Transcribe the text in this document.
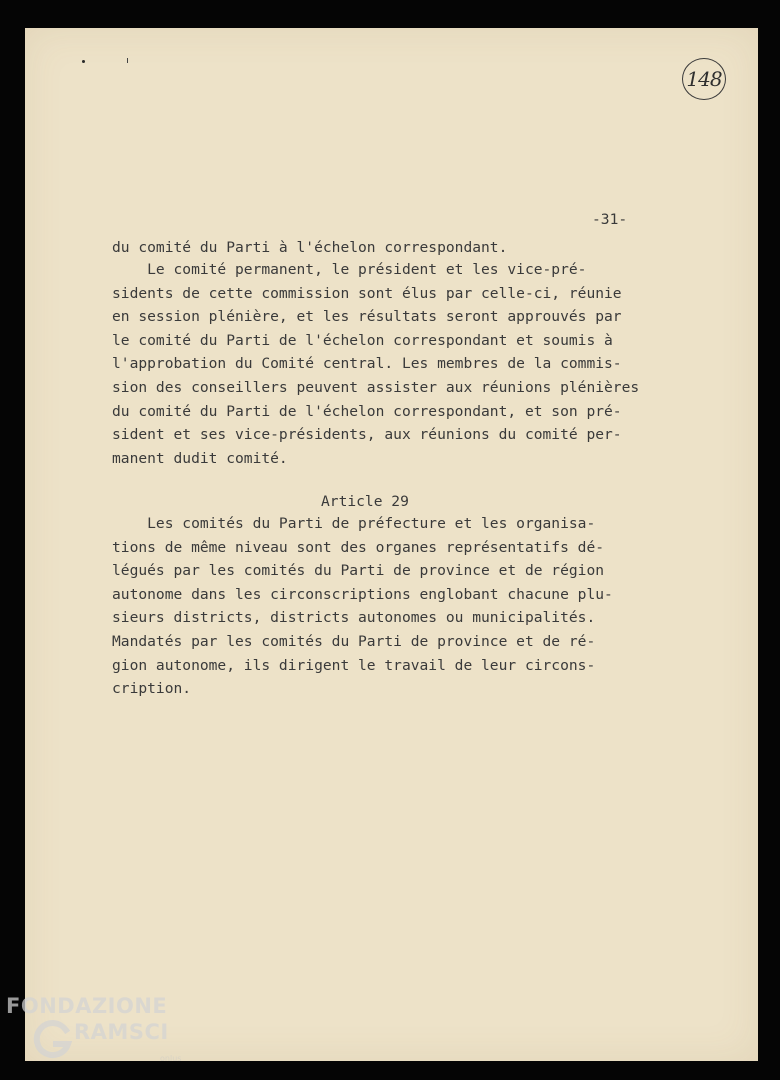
148

-31-

du comité du Parti à l'échelon correspondant.

Le comité permanent, le président et les vice-pré-
sidents de cette commission sont élus par celle-ci, réunie
en session plénière, et les résultats seront approuvés par
le comité du Parti de l'échelon correspondant et soumis à
l'approbation du Comité central. Les membres de la commis-
sion des conseillers peuvent assister aux réunions plénières
du comité du Parti de l'échelon correspondant, et son pré-
sident et ses vice-présidents, aux réunions du comité per-
manent dudit comité.

Article 29

Les comités du Parti de préfecture et les organisa-
tions de même niveau sont des organes représentatifs dé-
légués par les comités du Parti de province et de région
autonome dans les circonscriptions englobant chacune plu-
sieurs districts, districts autonomes ou municipalités.
Mandatés par les comités du Parti de province et de ré-
gion autonome, ils dirigent le travail de leur circons-
cription.

FONDAZIONE
RAMSCI
onlus
